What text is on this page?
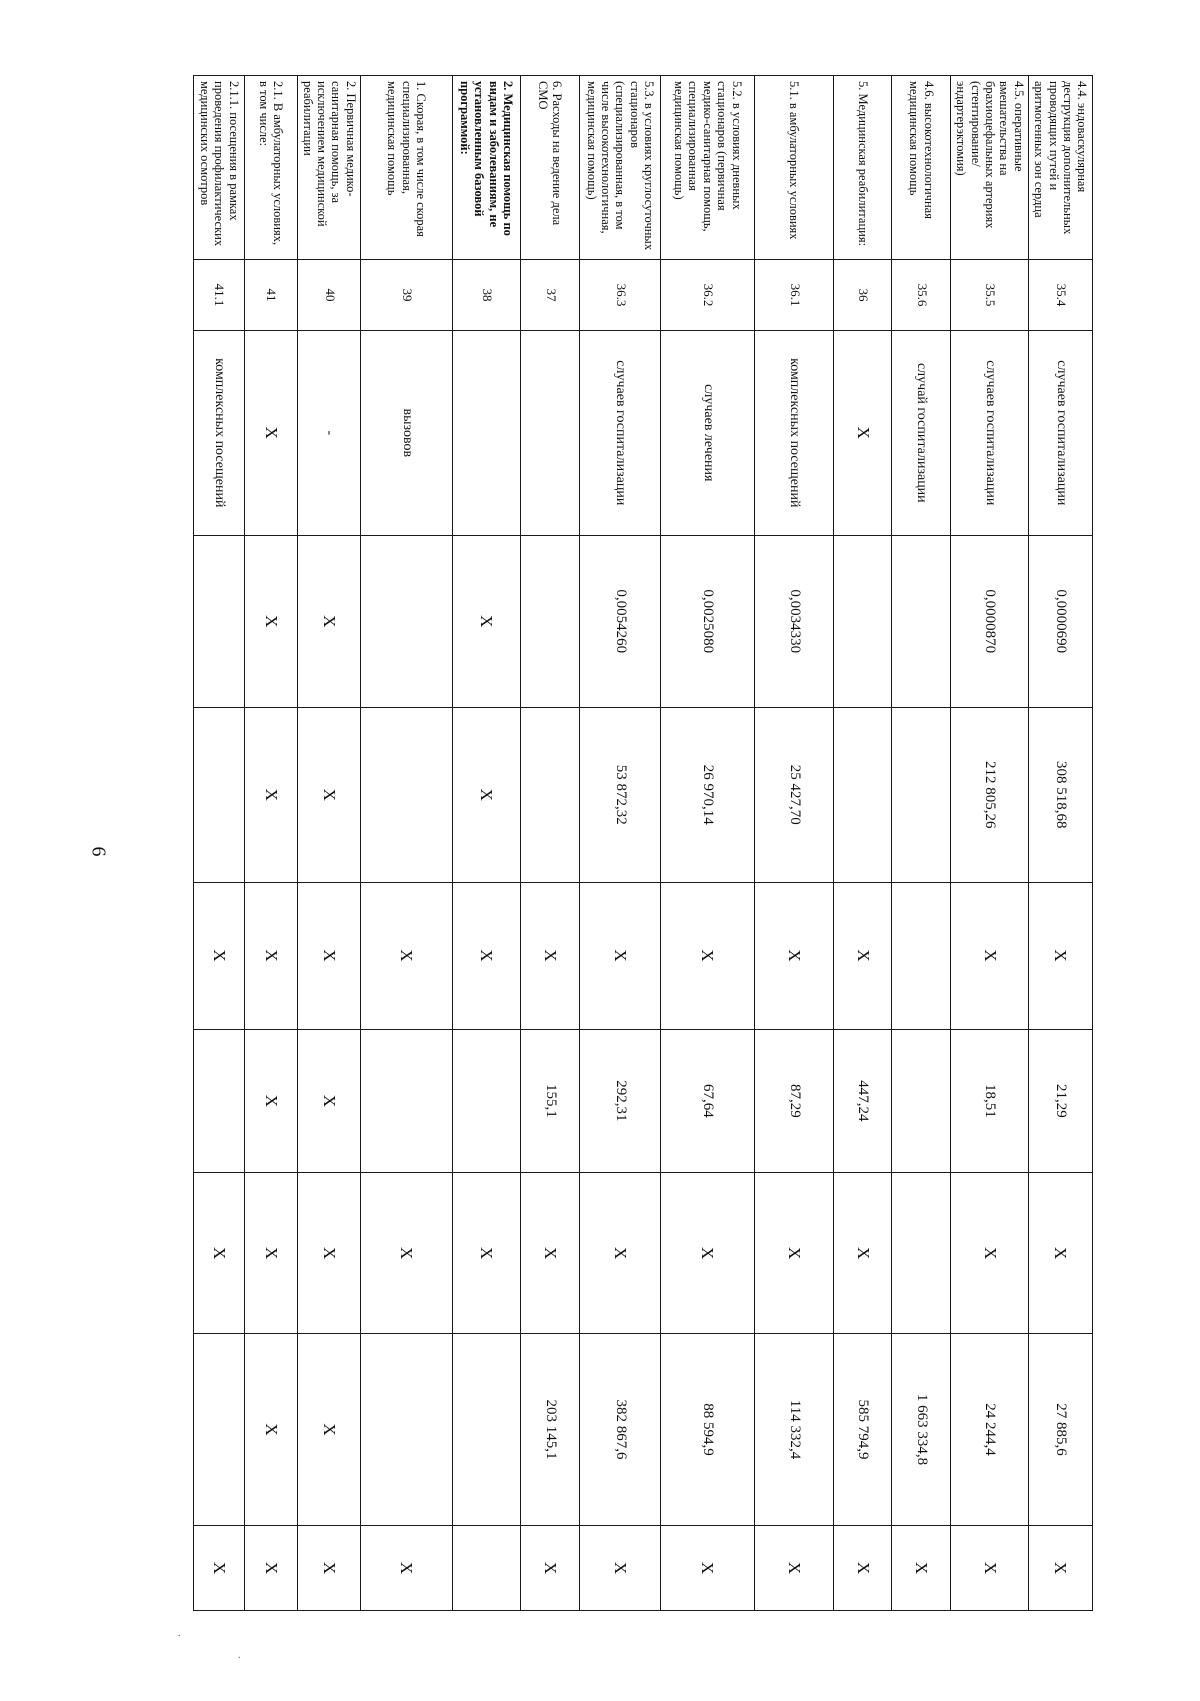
6
.
.
4.4. эндоваскулярная деструкция дополнительных проводящих путей и аритмогенных зон сердца	35.4	случаев госпитализации	0,0000690	308 518,68	X	21,29	X	27 885,6	X

4.5. оперативные вмешательства на брахиоцефальных артериях (стентирование/эндартерэктомия)	35.5	случаев госпитализации	0,0000870	212 805,26	X	18,51	X	24 244,4	X

4.6. высокотехнологичная медицинская помощь	35.6	случай госпитализации						1 663 334,8	X

5. Медицинская реабилитация:	36	X			X	447,24	X	585 794,9	X

5.1. в амбулаторных условиях	36.1	комплексных посещений	0,0034330	25 427,70	X	87,29	X	114 332,4	X

5.2. в условиях дневных стационаров (первичная медико-санитарная помощь, специализированная медицинская помощь)	36.2	случаев лечения	0,0025080	26 970,14	X	67,64	X	88 594,9	X

5.3. в условиях круглосуточных стационаров (специализированная, в том числе высокотехнологичная, медицинская помощь)	36.3	случаев госпитализации	0,0054260	53 872,32	X	292,31	X	382 867,6	X

6. Расходы на ведение дела СМО	37				X	155,1	X	203 145,1	X

2. Медицинская помощь по видам и заболеваниям, не установленным базовой программой:	38		X	X	X		X		

1. Скорая, в том числе скорая специализированная, медицинская помощь	39	вызовов			X		X		X

2. Первичная медико-санитарная помощь, за исключением медицинской реабилитации	40	-	X	X	X	X	X	X	X

2.1. В амбулаторных условиях, в том числе:	41	X	X	X	X	X	X	X	X

2.1.1. посещения в рамках проведения профилактических медицинских осмотров	41.1	комплексных посещений			X		X		X
